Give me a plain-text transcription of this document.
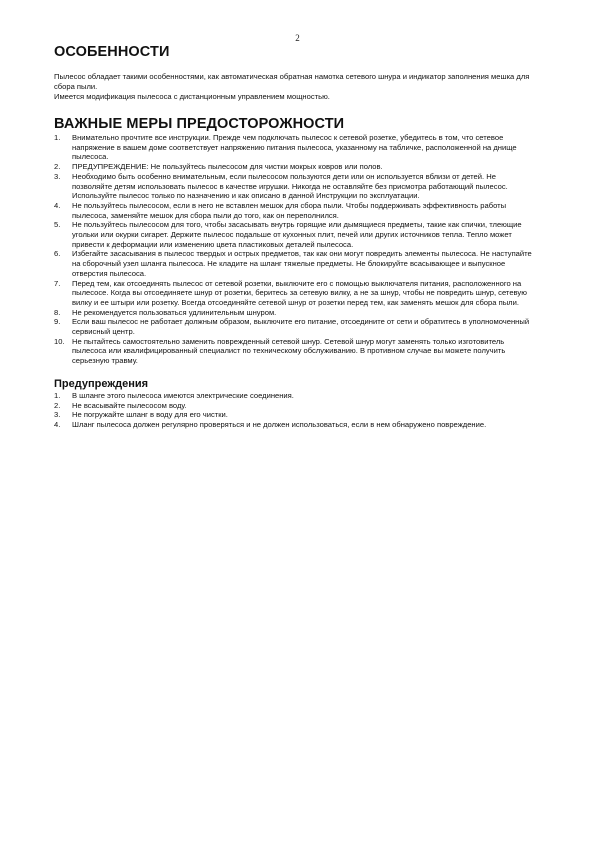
2
ОСОБЕННОСТИ

Пылесос обладает такими особенностями, как автоматическая обратная намотка сетевого шнура и индикатор заполнения мешка для сбора пыли.

Имеется модификация пылесоса с дистанционным управлением мощностью.

ВАЖНЫЕ МЕРЫ ПРЕДОСТОРОЖНОСТИ
1. Внимательно прочтите все инструкции. Прежде чем подключать пылесос к сетевой розетке, убедитесь в том, что сетевое напряжение в вашем доме соответствует напряжению питания пылесоса, указанному на табличке, расположенной на днище пылесоса.
2. ПРЕДУПРЕЖДЕНИЕ: Не пользуйтесь пылесосом для чистки мокрых ковров или полов.
3. Необходимо быть особенно внимательным, если пылесосом пользуются дети или он используется вблизи от детей. Не позволяйте детям использовать пылесос в качестве игрушки. Никогда не оставляйте без присмотра работающий пылесос. Используйте пылесос только по назначению и как описано в данной Инструкции по эксплуатации.
4. Не пользуйтесь пылесосом, если в него не вставлен мешок для сбора пыли. Чтобы поддерживать эффективность работы пылесоса, заменяйте мешок для сбора пыли до того, как он переполнился.
5. Не пользуйтесь пылесосом для того, чтобы засасывать внутрь горящие или дымящиеся предметы, такие как спички, тлеющие угольки или окурки сигарет. Держите пылесос подальше от кухонных плит, печей или других источников тепла. Тепло может привести к деформации или изменению цвета пластиковых деталей пылесоса.
6. Избегайте засасывания в пылесос твердых и острых предметов, так как они могут повредить элементы пылесоса. Не наступайте на сборочный узел шланга пылесоса. Не кладите на шланг тяжелые предметы. Не блокируйте всасывающее и выпускное отверстия пылесоса.
7. Перед тем, как отсоединять пылесос от сетевой розетки, выключите его с помощью выключателя питания, расположенного на пылесосе. Когда вы отсоединяете шнур от розетки, беритесь за сетевую вилку, а не за шнур, чтобы не повредить шнур, сетевую вилку и ее штыри или розетку. Всегда отсоединяйте сетевой шнур от розетки перед тем, как заменять мешок для сбора пыли.
8. Не рекомендуется пользоваться удлинительным шнуром.
9. Если ваш пылесос не работает должным образом, выключите его питание, отсоедините от сети и обратитесь в уполномоченный сервисный центр.
10. Не пытайтесь самостоятельно заменить поврежденный сетевой шнур. Сетевой шнур могут заменять только изготовитель пылесоса или квалифицированный специалист по техническому обслуживанию. В противном случае вы можете получить серьезную травму.
Предупреждения
1. В шланге этого пылесоса имеются электрические соединения.
2. Не всасывайте пылесосом воду.
3. Не погружайте шланг в воду для его чистки.
4. Шланг пылесоса должен регулярно проверяться и не должен использоваться, если в нем обнаружено повреждение.
